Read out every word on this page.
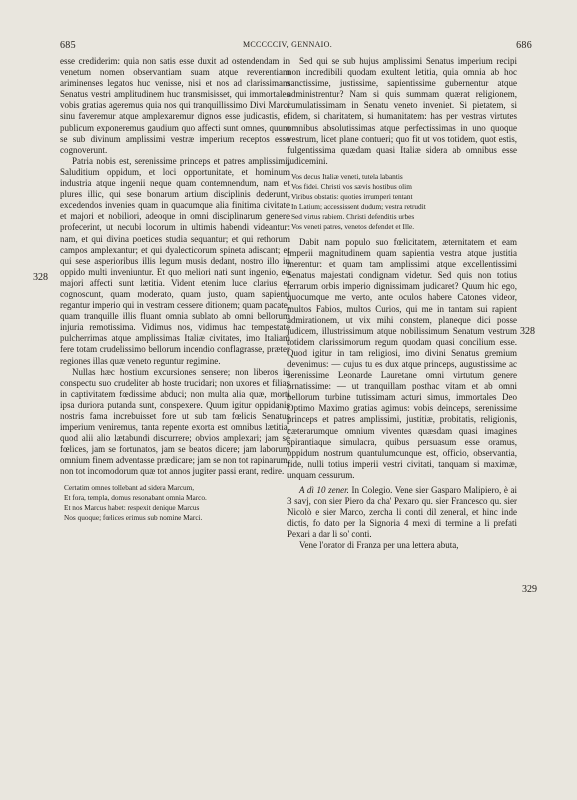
685	MCCCCCIV, GENNAIO.	686
328
328
329

esse crediderim: quia non satis esse duxit ad ostendendam in venetum nomen observantiam suam atque reverentiam ariminenses legatos huc venisse, nisi et nos ad clarissimam Senatus vestri amplitudinem huc transmisisset, qui immortales vobis gratias ageremus quia nos qui tranquillissimo Divi Marci sinu faveremur atque amplexaremur dignos esse judicastis, et publicum exponeremus gaudium quo affecti sunt omnes, quum se sub divinum amplissimi vestræ imperium receptos esse cognoverunt.

Patria nobis est, serenissime princeps et patres amplissimi, Saluditium oppidum, et loci opportunitate, et hominum industria atque ingenii neque quam contemnendum, nam et plures illic, qui sese bonarum artium disciplinis dederunt, excedendos invenies quam in quacumque alia finitima civitate et majori et nobiliori, adeoque in omni disciplinarum genere profecerint, ut necubi locorum in ultimis habendi videantur: nam, et qui divina poetices studia sequantur; et qui rethorum campos amplexantur; et qui dyalecticorum spineta adiscant; et qui sese asperioribus illis legum musis dedant, nostro illo in oppido multi inveniuntur. Et quo meliori nati sunt ingenio, eo majori affecti sunt lætitia. Vident etenim luce clarius et cognoscunt, quam moderato, quam justo, quam sapienti regantur imperio qui in vestram cessere ditionem; quam pacate, quam tranquille illis fluant omnia sublato ab omni bellorum injuria remotissima. Vidimus nos, vidimus hac tempestate pulcherrimas atque amplissimas Italiæ civitates, imo Italiam fere totam crudelissimo bellorum incendio conflagrasse, præter regiones illas quæ veneto reguntur regimine.

Nullas hæc hostium excursiones sensere; non liberos in conspectu suo crudeliter ab hoste trucidari; non uxores et filias in captivitatem fœdissime abduci; non multa alia quæ, morti ipsa duriora putanda sunt, conspexere. Quum igitur oppidanis nostris fama increbuisset fore ut sub tam fœlicis Senatus imperium veniremus, tanta repente exorta est omnibus lætitia, quod alii alio lætabundi discurrere; obvios amplexari; jam se fœlices, jam se fortunatos, jam se beatos dicere; jam laborum omnium finem adventasse prædicare; jam se non tot rapinarum, non tot incomodorum quæ tot annos jugiter passi erant, redire.

Certatim omnes tollebant ad sidera Marcum,
Et fora, templa, domus resonabant omnia Marco.
Et nos Marcus habet: respexit denique Marcus
Nos quoque; fœlices erimus sub nomine Marci.

Sed qui se sub hujus amplissimi Senatus imperium recipi non incredibili quodam exultent letitia, quia omnia ab hoc sanctissime, justissime, sapientissime gubernentur atque administrentur? Nam si quis summam quærat religionem, cumulatissimam in Senatu veneto inveniet. Si pietatem, si fidem, si charitatem, si humanitatem: has per vestras virtutes omnibus absolutissimas atque perfectissimas in uno quoque vestrum, licet plane contueri; quo fit ut vos totidem, quot estis, fulgentissima quædam quasi Italiæ sidera ab omnibus esse judicemini.

Vos decus Italiæ veneti, tutela labantis
Vos fidei. Christi vos sævis hostibus olim
Viribus obstatis: quoties irrumperi tentant
In Latium; accessissent dudum; vestra retrudit
Sed virtus rabiem. Christi defenditis urbes
Vos veneti patres, venetos defendet et Ille.

Dabit nam populo suo fœlicitatem, æternitatem et eam imperii magnitudinem quam sapientia vestra atque justitia merentur: et quam tam amplissimi atque excellentissimi Senatus majestati condignam videtur. Sed quis non totius terrarum orbis imperio dignissimam judicaret? Quum hic ego, quocumque me verto, ante oculos habere Catones videor, multos Fabios, multos Curios, qui me in tantam sui rapient admirationem, ut vix mihi constem, planeque dici posse judicem, illustrissimum atque nobilissimum Senatum vestrum totidem clarissimorum regum quodam quasi concilium esse. Quod igitur in tam religiosi, imo divini Senatus gremium devenimus: — cujus tu es dux atque princeps, augustissime ac serenissime Leonarde Lauretane omni virtutum genere ornatissime: — ut tranquillam posthac vitam et ab omni bellorum turbine tutissimam acturi simus, immortales Deo Optimo Maximo gratias agimus: vobis deinceps, serenissime princeps et patres amplissimi, justitiæ, probitatis, religionis, cæterarumque omnium viventes quæsdam quasi imagines spirantiaque simulacra, quibus persuasum esse oramus, oppidum nostrum quantulumcunque est, officio, observantia, fide, nulli totius imperii vestri civitati, tanquam si maximæ, unquam cessurum.

A dì 10 zener. In Colegio. Vene sier Gasparo Malipiero, è ai 3 savj, con sier Piero da cha' Pexaro qu. sier Francesco qu. sier Nicolò e sier Marco, zercha li conti dil zeneral, et hinc inde dictis, fo dato per la Signoria 4 mexi di termine a li prefati Pexari a dar li so' conti.

Vene l'orator di Franza per una lettera abuta,
